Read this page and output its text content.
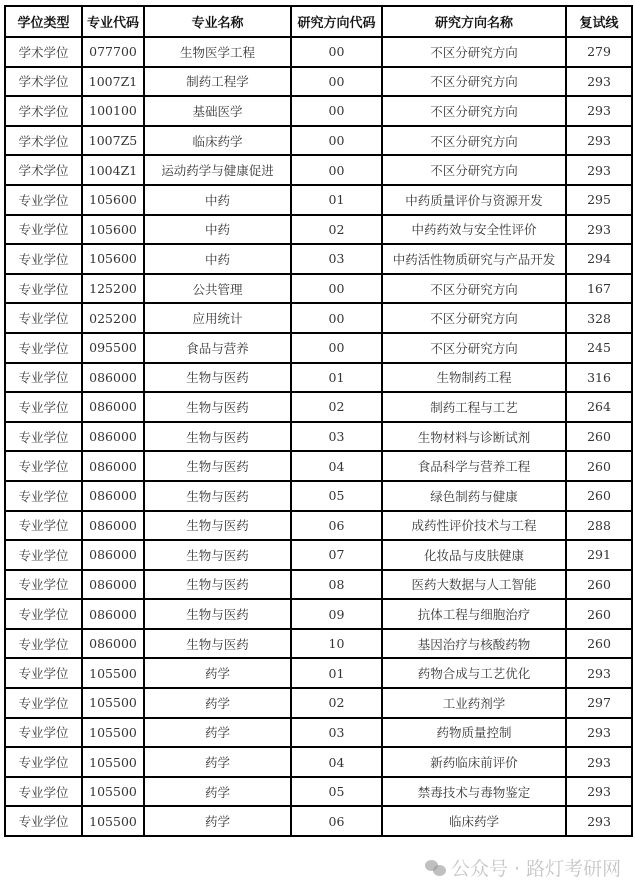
学位类型	专业代码	专业名称	研究方向代码	研究方向名称	复试线
学术学位	077700	生物医学工程	00	不区分研究方向	279
学术学位	1007Z1	制药工程学	00	不区分研究方向	293
学术学位	100100	基础医学	00	不区分研究方向	293
学术学位	1007Z5	临床药学	00	不区分研究方向	293
学术学位	1004Z1	运动药学与健康促进	00	不区分研究方向	293
专业学位	105600	中药	01	中药质量评价与资源开发	295
专业学位	105600	中药	02	中药药效与安全性评价	293
专业学位	105600	中药	03	中药活性物质研究与产品开发	294
专业学位	125200	公共管理	00	不区分研究方向	167
专业学位	025200	应用统计	00	不区分研究方向	328
专业学位	095500	食品与营养	00	不区分研究方向	245
专业学位	086000	生物与医药	01	生物制药工程	316
专业学位	086000	生物与医药	02	制药工程与工艺	264
专业学位	086000	生物与医药	03	生物材料与诊断试剂	260
专业学位	086000	生物与医药	04	食品科学与营养工程	260
专业学位	086000	生物与医药	05	绿色制药与健康	260
专业学位	086000	生物与医药	06	成药性评价技术与工程	288
专业学位	086000	生物与医药	07	化妆品与皮肤健康	291
专业学位	086000	生物与医药	08	医药大数据与人工智能	260
专业学位	086000	生物与医药	09	抗体工程与细胞治疗	260
专业学位	086000	生物与医药	10	基因治疗与核酸药物	260
专业学位	105500	药学	01	药物合成与工艺优化	293
专业学位	105500	药学	02	工业药剂学	297
专业学位	105500	药学	03	药物质量控制	293
专业学位	105500	药学	04	新药临床前评价	293
专业学位	105500	药学	05	禁毒技术与毒物鉴定	293
专业学位	105500	药学	06	临床药学	293
公众号 · 路灯考研网
